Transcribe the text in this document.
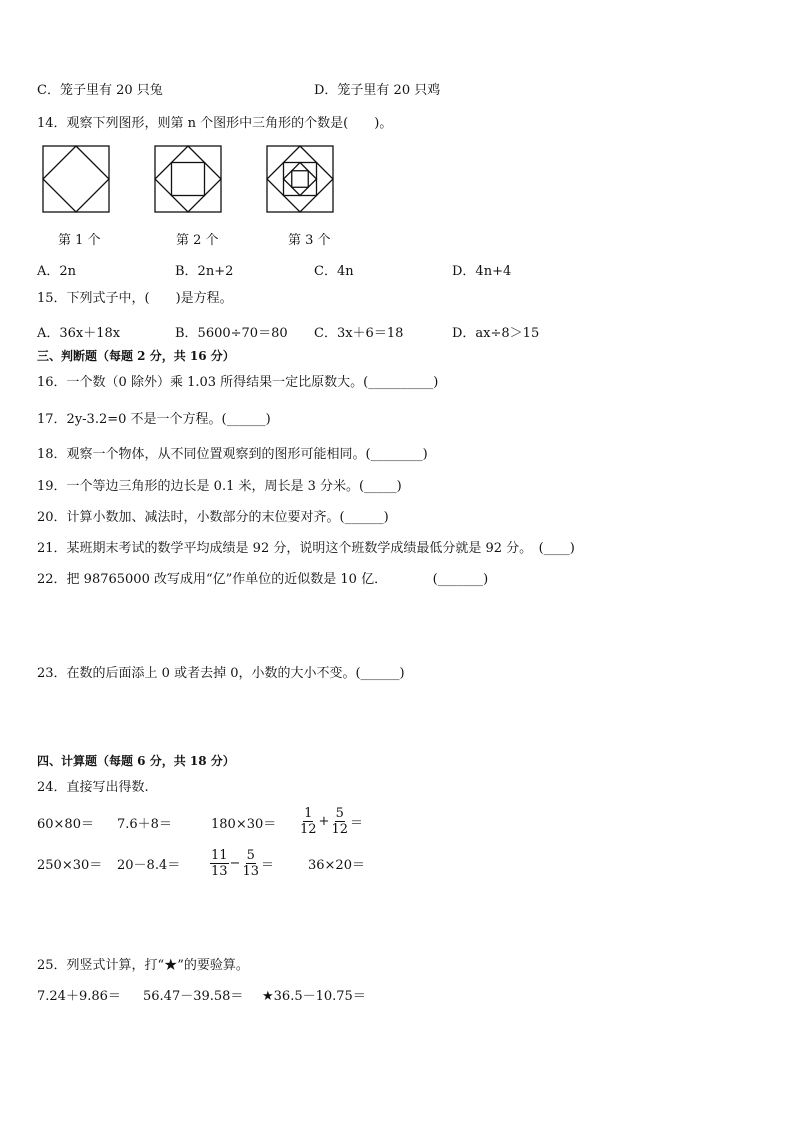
C．笼子里有 20 只兔	D．笼子里有 20 只鸡
14．观察下列图形，则第 n 个图形中三角形的个数是(　　)。
第 1 个	第 2 个	第 3 个
A．2n	B．2n+2	C．4n	D．4n+4
15．下列式子中，(　　)是方程。
A．36x＋18x	B．5600÷70＝80 C．3x＋6＝18	D．ax÷8＞15
三、判断题（每题 2 分，共 16 分）
16．一个数（0 除外）乘 1.03 所得结果一定比原数大。(__________)
17．2y-3.2=0 不是一个方程。(______)
18．观察一个物体，从不同位置观察到的图形可能相同。(________)
19．一个等边三角形的边长是 0.1 米，周长是 3 分米。(_____)
20．计算小数加、减法时，小数部分的末位要对齐。(______)
21．某班期末考试的数学平均成绩是 92 分，说明这个班数学成绩最低分就是 92 分。　(____)
22．把 98765000 改写成用“亿”作单位的近似数是 10 亿．　　　　(_______)
23．在数的后面添上 0 或者去掉 0，小数的大小不变。(______)
四、计算题（每题 6 分，共 18 分）
24．直接写出得数.
60×80＝ 7.6＋8＝	$180\times 30= \frac{1}{12} + \frac{5}{12}$ ＝
$250\times 30= 20-8.4= \frac{11}{13} - \frac{5}{13}$ ＝	36×20＝
25．列竖式计算，打“★”的要验算。
7.24＋9.86＝ 56.47－39.58＝ ★36.5－10.75＝
